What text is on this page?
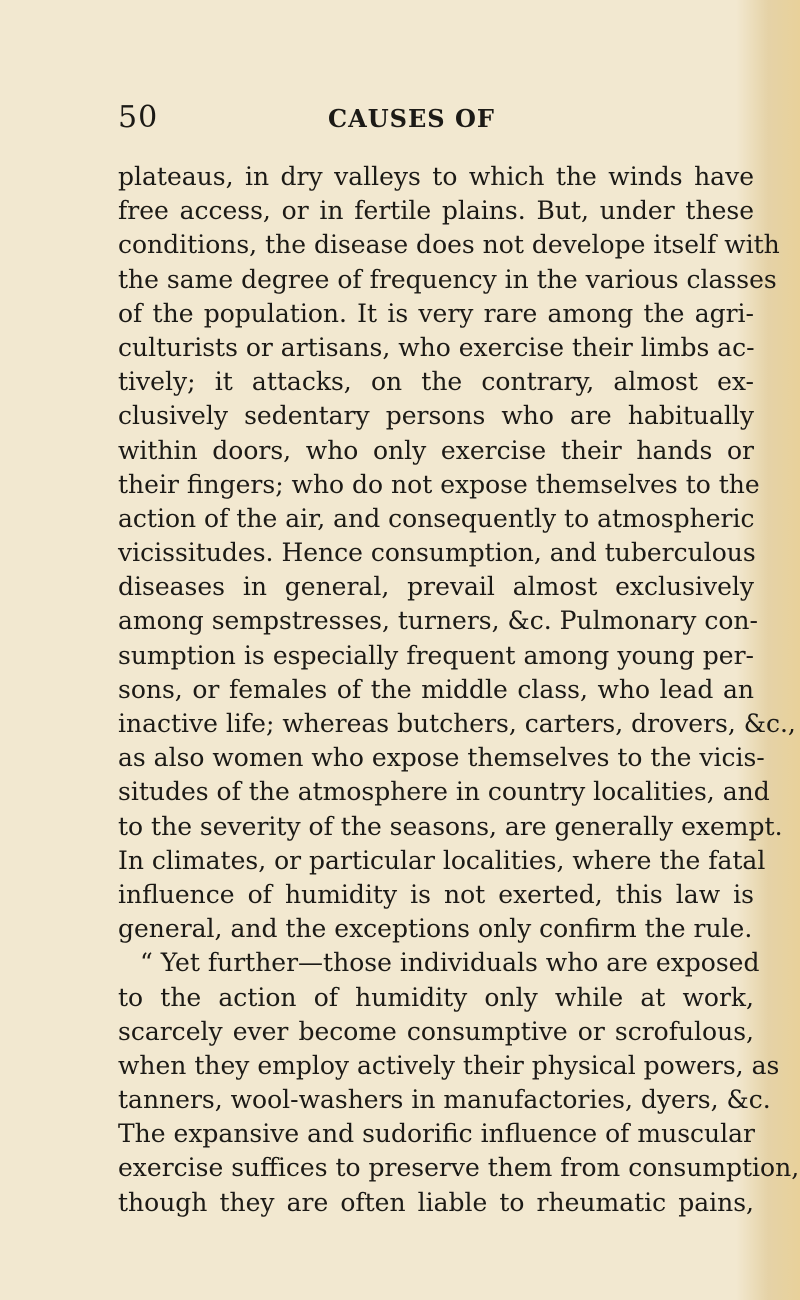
50	CAUSES OF
plateaus, in dry valleys to which the winds have
free access, or in fertile plains. But, under these
conditions, the disease does not develope itself with
the same degree of frequency in the various classes
of the population. It is very rare among the agri-
culturists or artisans, who exercise their limbs ac-
tively; it attacks, on the contrary, almost ex-
clusively sedentary persons who are habitually
within doors, who only exercise their hands or
their fingers; who do not expose themselves to the
action of the air, and consequently to atmospheric
vicissitudes. Hence consumption, and tuberculous
diseases in general, prevail almost exclusively
among sempstresses, turners, &c. Pulmonary con-
sumption is especially frequent among young per-
sons, or females of the middle class, who lead an
inactive life; whereas butchers, carters, drovers, &c.,
as also women who expose themselves to the vicis-
situdes of the atmosphere in country localities, and
to the severity of the seasons, are generally exempt.
In climates, or particular localities, where the fatal
influence of humidity is not exerted, this law is
general, and the exceptions only confirm the rule.
“ Yet further—those individuals who are exposed
to the action of humidity only while at work,
scarcely ever become consumptive or scrofulous,
when they employ actively their physical powers, as
tanners, wool-washers in manufactories, dyers, &c.
The expansive and sudorific influence of muscular
exercise suffices to preserve them from consumption,
though they are often liable to rheumatic pains,
